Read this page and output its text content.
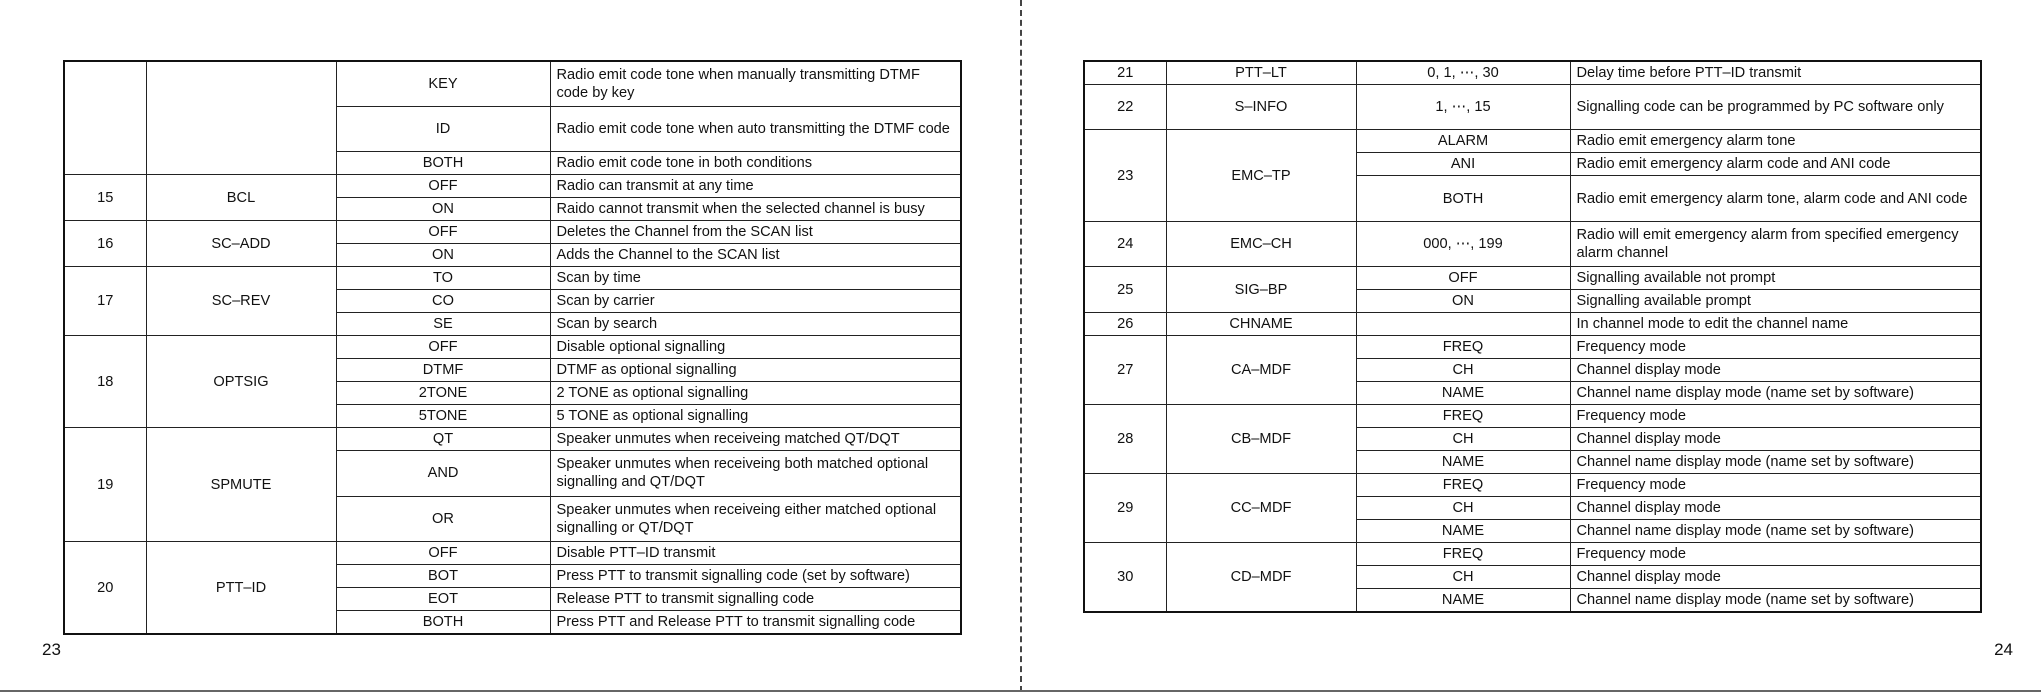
		KEY	Radio emit code tone when manually transmitting DTMF code by key
		ID	Radio emit code tone when auto transmitting the DTMF code
		BOTH	Radio emit code tone in both conditions
15	BCL	OFF	Radio can transmit at any time
		ON	Raido cannot transmit when the selected channel is busy
16	SC–ADD	OFF	Deletes the Channel from the SCAN list
		ON	Adds the Channel to the SCAN list
17	SC–REV	TO	Scan by time
		CO	Scan by carrier
		SE	Scan by search
18	OPTSIG	OFF	Disable optional signalling
		DTMF	DTMF as optional signalling
		2TONE	2 TONE as optional signalling
		5TONE	5 TONE as optional signalling
19	SPMUTE	QT	Speaker unmutes when receiveing matched QT/DQT
		AND	Speaker unmutes when receiveing both matched optional signalling and QT/DQT
		OR	Speaker unmutes when receiveing either matched optional signalling or QT/DQT
20	PTT–ID	OFF	Disable PTT–ID transmit
		BOT	Press PTT to transmit signalling code (set by software)
		EOT	Release PTT to transmit signalling code
		BOTH	Press PTT and Release PTT to transmit signalling code
23
21	PTT–LT	0, 1, ⋯, 30	Delay time before PTT–ID transmit
22	S–INFO	1, ⋯, 15	Signalling code can be programmed by PC software only
23	EMC–TP	ALARM	Radio emit emergency alarm tone
		ANI	Radio emit emergency alarm code and ANI code
		BOTH	Radio emit emergency alarm tone, alarm code and ANI code
24	EMC–CH	000, ⋯, 199	Radio will emit emergency alarm from specified emergency alarm channel
25	SIG–BP	OFF	Signalling available not prompt
		ON	Signalling available prompt
26	CHNAME		In channel mode to edit the channel name
27	CA–MDF	FREQ	Frequency mode
		CH	Channel display mode
		NAME	Channel name display mode (name set by software)
28	CB–MDF	FREQ	Frequency mode
		CH	Channel display mode
		NAME	Channel name display mode (name set by software)
29	CC–MDF	FREQ	Frequency mode
		CH	Channel display mode
		NAME	Channel name display mode (name set by software)
30	CD–MDF	FREQ	Frequency mode
		CH	Channel display mode
		NAME	Channel name display mode (name set by software)
24
